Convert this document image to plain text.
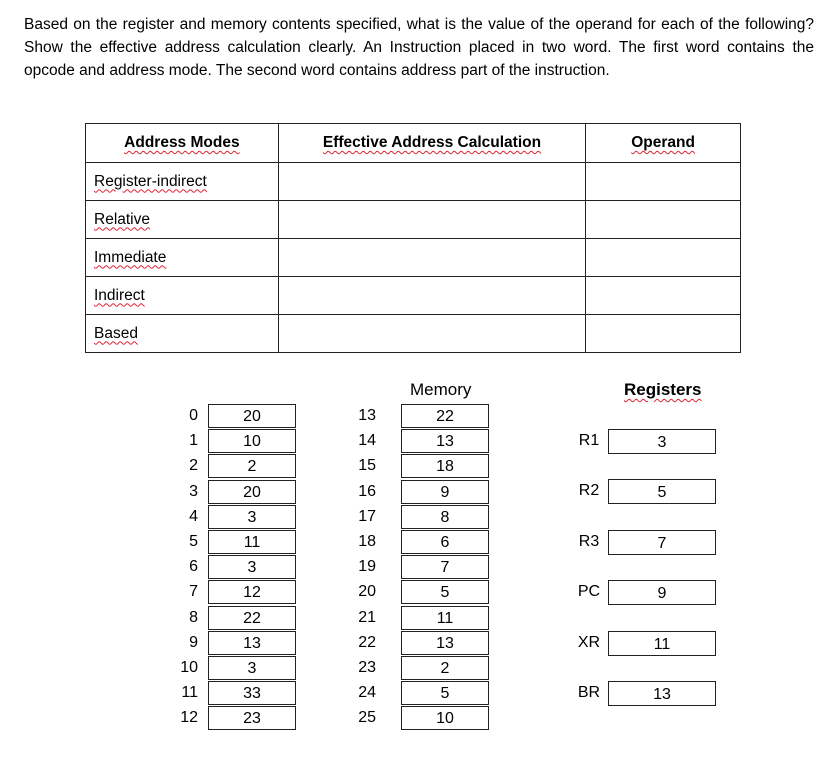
Based on the register and memory contents specified, what is the value of the operand for each of the following? Show the effective address calculation clearly. An Instruction placed in two word. The first word contains the opcode and address mode. The second word contains address part of the instruction.
Address Modes	Effective Address Calculation	Operand
Register-indirect		
Relative		
Immediate		
Indirect		
Based		
Memory	Registers
0	20	13	22
1	10	14	13
2	2	15	18
3	20	16	9
4	3	17	8
5	11	18	6
6	3	19	7
7	12	20	5
8	22	21	11
9	13	22	13
10	3	23	2
11	33	24	5
12	23	25	10
R1	3
R2	5
R3	7
PC	9
XR	11
BR	13
